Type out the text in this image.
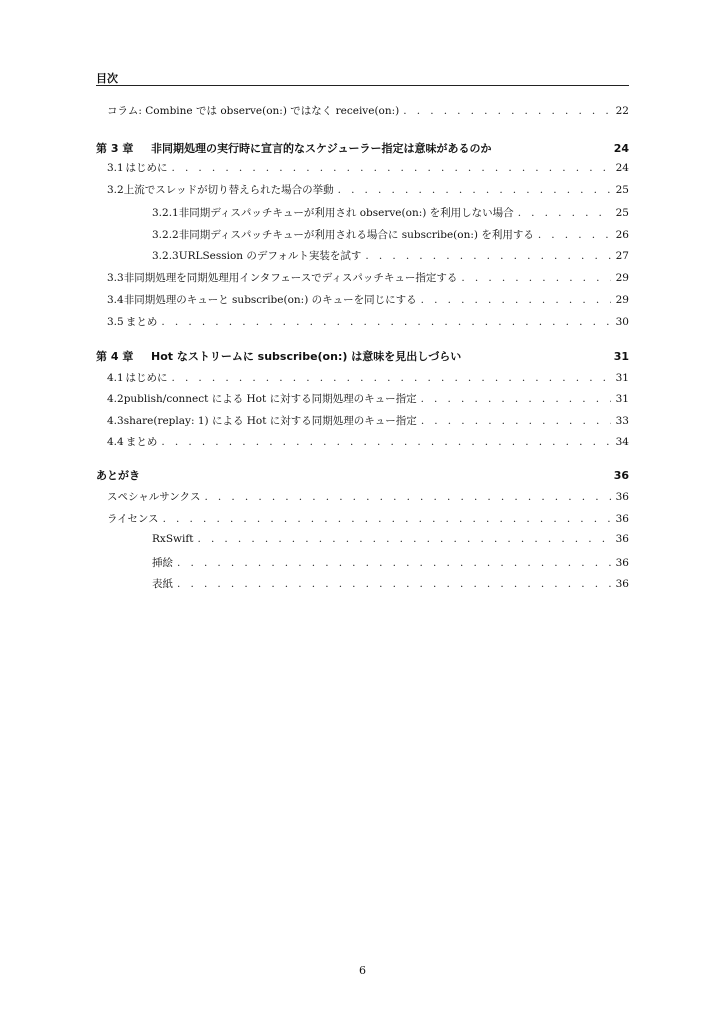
目次
コラム: Combine では observe(on:) ではなく receive(on:) . . .	22
第 3 章	非同期処理の実行時に宣言的なスケジューラー指定は意味があるのか	24
3.1 はじめに . . .	24
3.2 上流でスレッドが切り替えられた場合の挙動 . . .	25
3.2.1 非同期ディスパッチキューが利用され observe(on:) を利用しない場合 . . .	25
3.2.2 非同期ディスパッチキューが利用される場合に subscribe(on:) を利用する . . .	26
3.2.3 URLSession のデフォルト実装を試す . . .	27
3.3 非同期処理を同期処理用インタフェースでディスパッチキュー指定する . . .	29
3.4 非同期処理のキューと subscribe(on:) のキューを同じにする . . .	29
3.5 まとめ . . .	30
第 4 章	Hot なストリームに subscribe(on:) は意味を見出しづらい	31
4.1 はじめに . . .	31
4.2 publish/connect による Hot に対する同期処理のキュー指定 . . .	31
4.3 share(replay: 1) による Hot に対する同期処理のキュー指定 . . .	33
4.4 まとめ . . .	34
あとがき	36
スペシャルサンクス . . .	36
ライセンス . . .	36
RxSwift . . .	36
挿絵 . . .	36
表紙 . . .	36
6
